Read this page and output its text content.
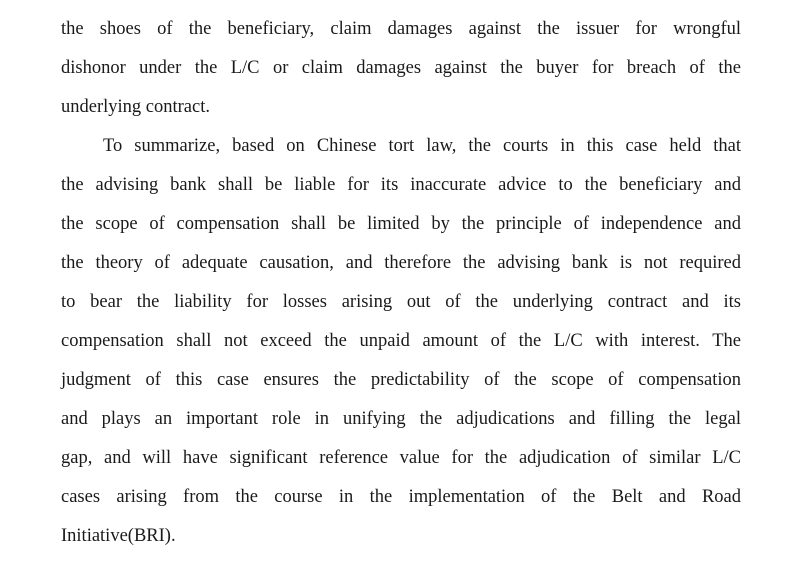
the shoes of the beneficiary, claim damages against the issuer for wrongful
dishonor under the L/C or claim damages against the buyer for breach of the
underlying contract.
To summarize, based on Chinese tort law, the courts in this case held that
the advising bank shall be liable for its inaccurate advice to the beneficiary and
the scope of compensation shall be limited by the principle of independence and
the theory of adequate causation, and therefore the advising bank is not required
to bear the liability for losses arising out of the underlying contract and its
compensation shall not exceed the unpaid amount of the L/C with interest. The
judgment of this case ensures the predictability of the scope of compensation
and plays an important role in unifying the adjudications and filling the legal
gap, and will have significant reference value for the adjudication of similar L/C
cases arising from the course in the implementation of the Belt and Road
Initiative(BRI).
